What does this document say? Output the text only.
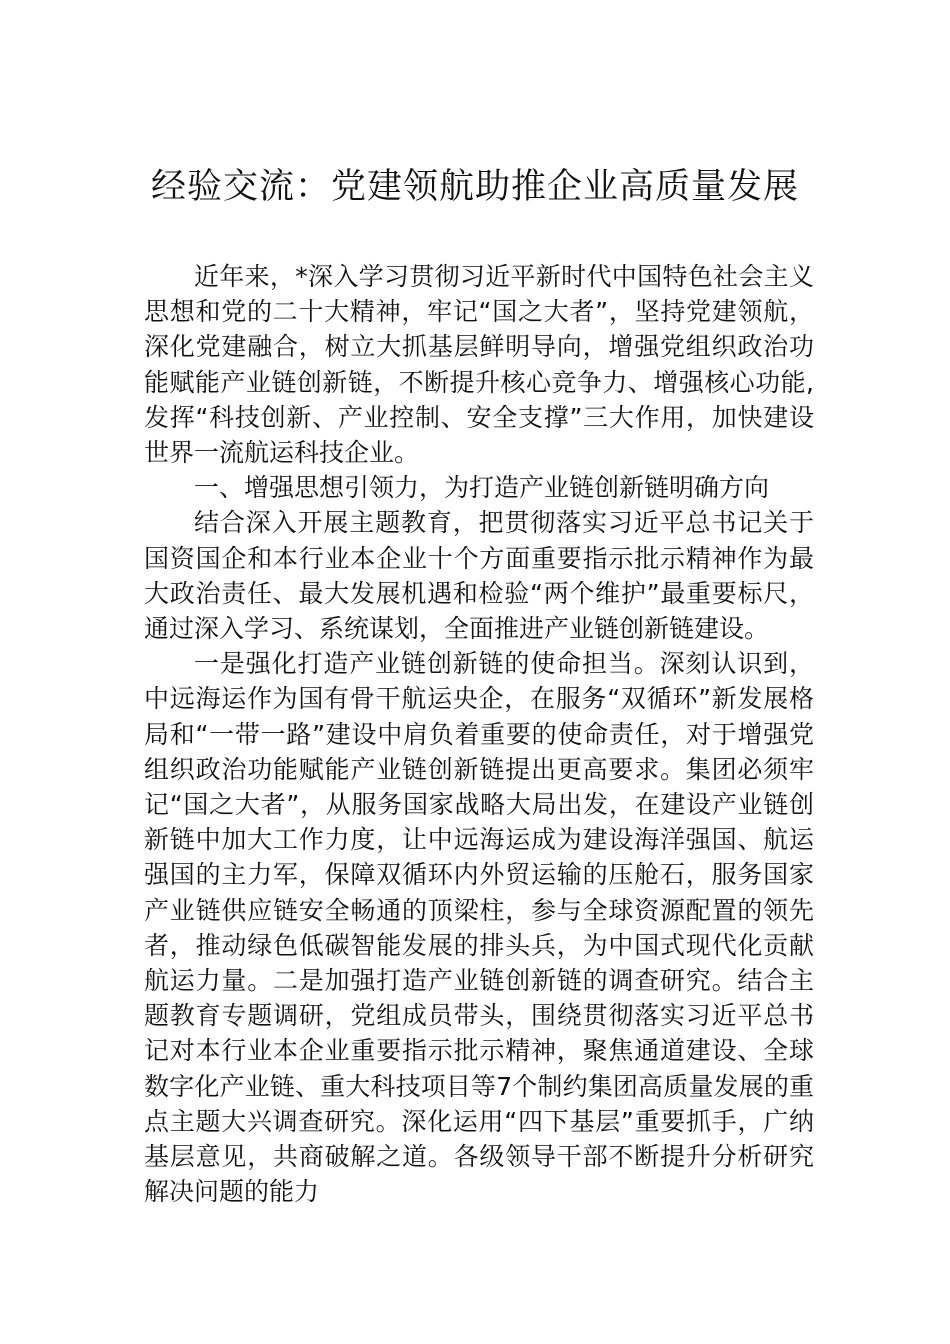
经验交流：党建领航助推企业高质量发展

近年来，*深入学习贯彻习近平新时代中国特色社会主义思想和党的二十大精神，牢记“国之大者”，坚持党建领航，深化党建融合，树立大抓基层鲜明导向，增强党组织政治功能赋能产业链创新链，不断提升核心竞争力、增强核心功能,发挥“科技创新、产业控制、安全支撑”三大作用，加快建设世界一流航运科技企业。

一、增强思想引领力，为打造产业链创新链明确方向

结合深入开展主题教育，把贯彻落实习近平总书记关于国资国企和本行业本企业十个方面重要指示批示精神作为最大政治责任、最大发展机遇和检验“两个维护”最重要标尺，通过深入学习、系统谋划，全面推进产业链创新链建设。

一是强化打造产业链创新链的使命担当。深刻认识到，中远海运作为国有骨干航运央企，在服务“双循环”新发展格局和“一带一路”建设中肩负着重要的使命责任，对于增强党组织政治功能赋能产业链创新链提出更高要求。集团必须牢记“国之大者”，从服务国家战略大局出发，在建设产业链创新链中加大工作力度，让中远海运成为建设海洋强国、航运强国的主力军，保障双循环内外贸运输的压舱石，服务国家产业链供应链安全畅通的顶梁柱，参与全球资源配置的领先者，推动绿色低碳智能发展的排头兵，为中国式现代化贡献航运力量。二是加强打造产业链创新链的调查研究。结合主题教育专题调研，党组成员带头，围绕贯彻落实习近平总书记对本行业本企业重要指示批示精神，聚焦通道建设、全球数字化产业链、重大科技项目等7个制约集团高质量发展的重点主题大兴调查研究。深化运用“四下基层”重要抓手，广纳基层意见，共商破解之道。各级领导干部不断提升分析研究解决问题的能力
